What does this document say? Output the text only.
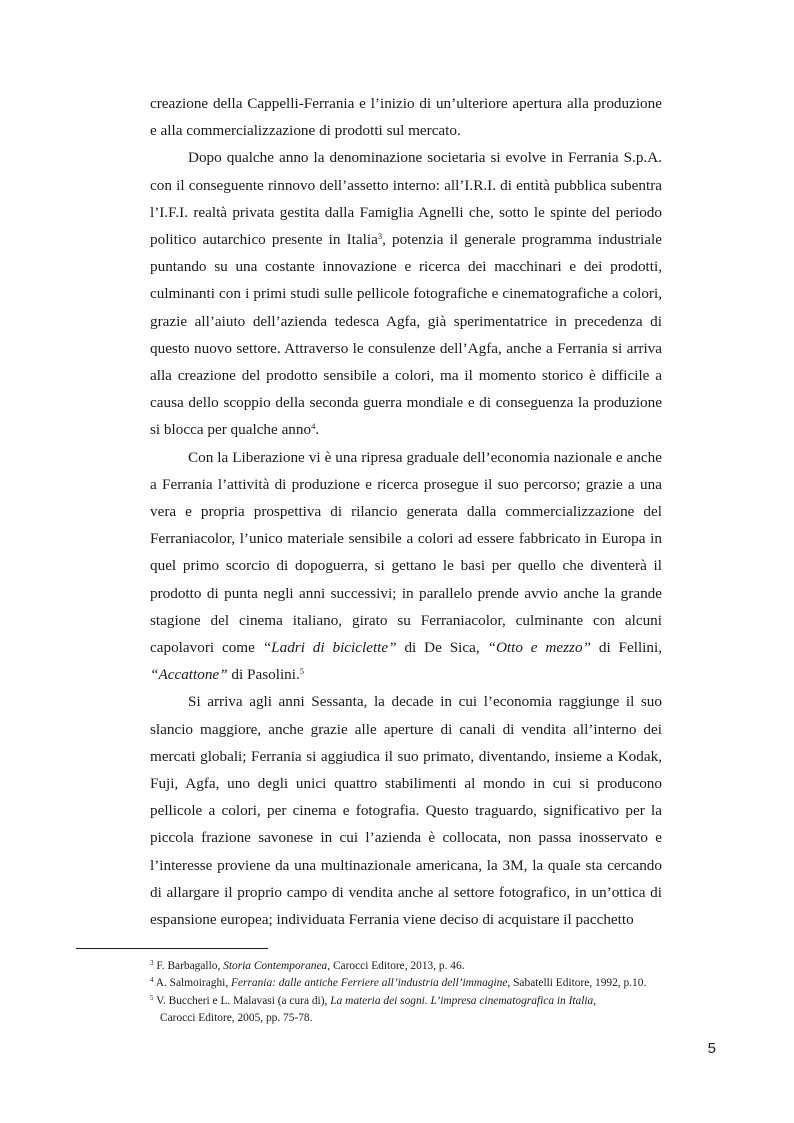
creazione della Cappelli-Ferrania e l’inizio di un’ulteriore apertura alla produzione e alla commercializzazione di prodotti sul mercato.

Dopo qualche anno la denominazione societaria si evolve in Ferrania S.p.A. con il conseguente rinnovo dell’assetto interno: all’I.R.I. di entità pubblica subentra l’I.F.I. realtà privata gestita dalla Famiglia Agnelli che, sotto le spinte del periodo politico autarchico presente in Italia$^3$, potenzia il generale programma industriale puntando su una costante innovazione e ricerca dei macchinari e dei prodotti, culminanti con i primi studi sulle pellicole fotografiche e cinematografiche a colori, grazie all’aiuto dell’azienda tedesca Agfa, già sperimentatrice in precedenza di questo nuovo settore. Attraverso le consulenze dell’Agfa, anche a Ferrania si arriva alla creazione del prodotto sensibile a colori, ma il momento storico è difficile a causa dello scoppio della seconda guerra mondiale e di conseguenza la produzione si blocca per qualche anno$^4$.

Con la Liberazione vi è una ripresa graduale dell’economia nazionale e anche a Ferrania l’attività di produzione e ricerca prosegue il suo percorso; grazie a una vera e propria prospettiva di rilancio generata dalla commercializzazione del Ferraniacolor, l’unico materiale sensibile a colori ad essere fabbricato in Europa in quel primo scorcio di dopoguerra, si gettano le basi per quello che diventerà il prodotto di punta negli anni successivi; in parallelo prende avvio anche la grande stagione del cinema italiano, girato su Ferraniacolor, culminante con alcuni capolavori come “Ladri di biciclette” di De Sica, “Otto e mezzo” di Fellini, “Accattone” di Pasolini.$^5$

Si arriva agli anni Sessanta, la decade in cui l’economia raggiunge il suo slancio maggiore, anche grazie alle aperture di canali di vendita all’interno dei mercati globali; Ferrania si aggiudica il suo primato, diventando, insieme a Kodak, Fuji, Agfa, uno degli unici quattro stabilimenti al mondo in cui si producono pellicole a colori, per cinema e fotografia. Questo traguardo, significativo per la piccola frazione savonese in cui l’azienda è collocata, non passa inosservato e l’interesse proviene da una multinazionale americana, la 3M, la quale sta cercando di allargare il proprio campo di vendita anche al settore fotografico, in un’ottica di espansione europea; individuata Ferrania viene deciso di acquistare il pacchetto

$^3$ F. Barbagallo, Storia Contemporanea, Carocci Editore, 2013, p. 46.
$^4$ A. Salmoiraghi, Ferrania: dalle antiche Ferriere all’industria dell’immagine, Sabatelli Editore, 1992, p.10.
$^5$ V. Buccheri e L. Malavasi (a cura di), La materia dei sogni. L’impresa cinematografica in Italia,
Carocci Editore, 2005, pp. 75-78.
5
